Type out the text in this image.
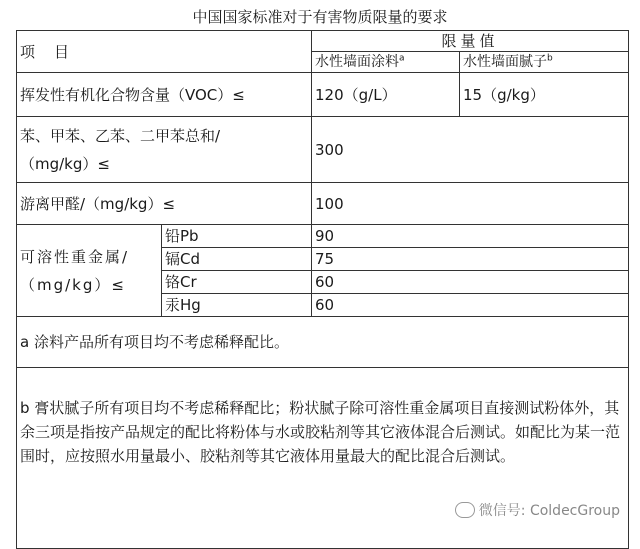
中国国家标准对于有害物质限量的要求
项　目		限量值	
		水性墙面涂料$^a$	水性墙面腻子$^b$
挥发性有机化合物含量（VOC）≤		120（g/L）	15（g/kg）

苯、甲苯、乙苯、二甲苯总和/
（mg/kg）≤		300	
游离甲醛/（mg/kg）≤		100	

可溶性重金属/
（mg/kg）≤	铅Pb	90	
	镉Cd	75	
	铬Cr	60	
	汞Hg	60	
a 涂料产品所有项目均不考虑稀释配比。			
b 膏状腻子所有项目均不考虑稀释配比；粉状腻子除可溶性重金属项目直接测试粉体外，其余三项是指按产品规定的配比将粉体与水或胶粘剂等其它液体混合后测试。如配比为某一范围时，应按照水用量最小、胶粘剂等其它液体用量最大的配比混合后测试。			
微信号: ColdecGroup
